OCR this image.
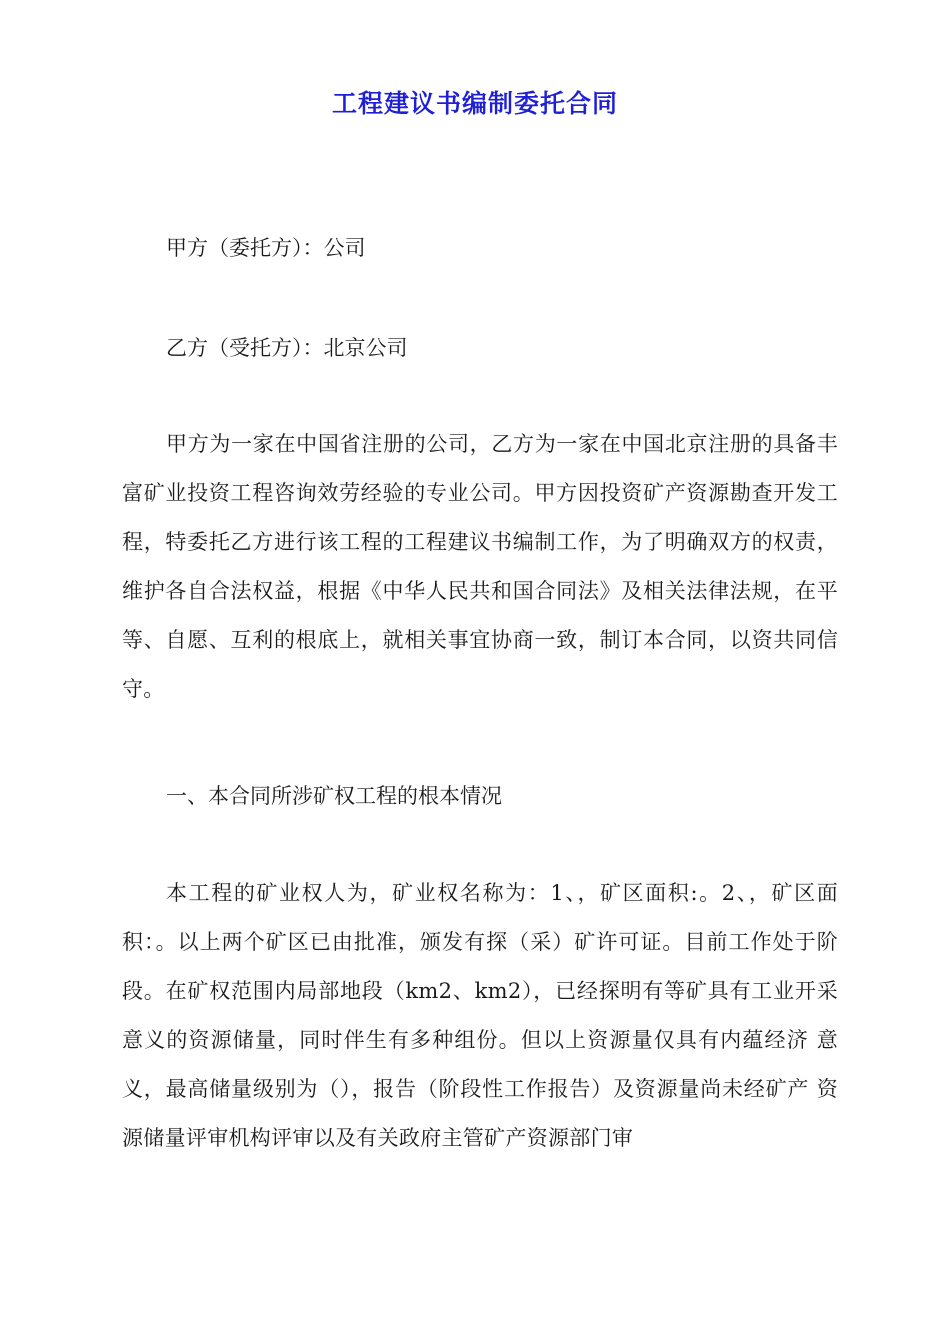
工程建议书编制委托合同
甲方（委托方）：公司
乙方（受托方）：北京公司
甲方为一家在中国省注册的公司，乙方为一家在中国北京注册的具备丰富矿业投资工程咨询效劳经验的专业公司。甲方因投资矿产资源勘查开发工程，特委托乙方进行该工程的工程建议书编制工作，为了明确双方的权责，维护各自合法权益，根据《中华人民共和国合同法》及相关法律法规，在平等、自愿、互利的根底上，就相关事宜协商一致，制订本合同，以资共同信守。
一、本合同所涉矿权工程的根本情况
本工程的矿业权人为，矿业权名称为：1、，矿区面积:。2、，矿区面 积：。以上两个矿区已由批准，颁发有探（采）矿许可证。目前工作处于阶 段。在矿权范围内局部地段（km2、km2），已经探明有等矿具有工业开采 意义的资源储量，同时伴生有多种组份。但以上资源量仅具有内蕴经济 意义，最高储量级别为（），报告（阶段性工作报告）及资源量尚未经矿产 资源储量评审机构评审以及有关政府主管矿产资源部门审
